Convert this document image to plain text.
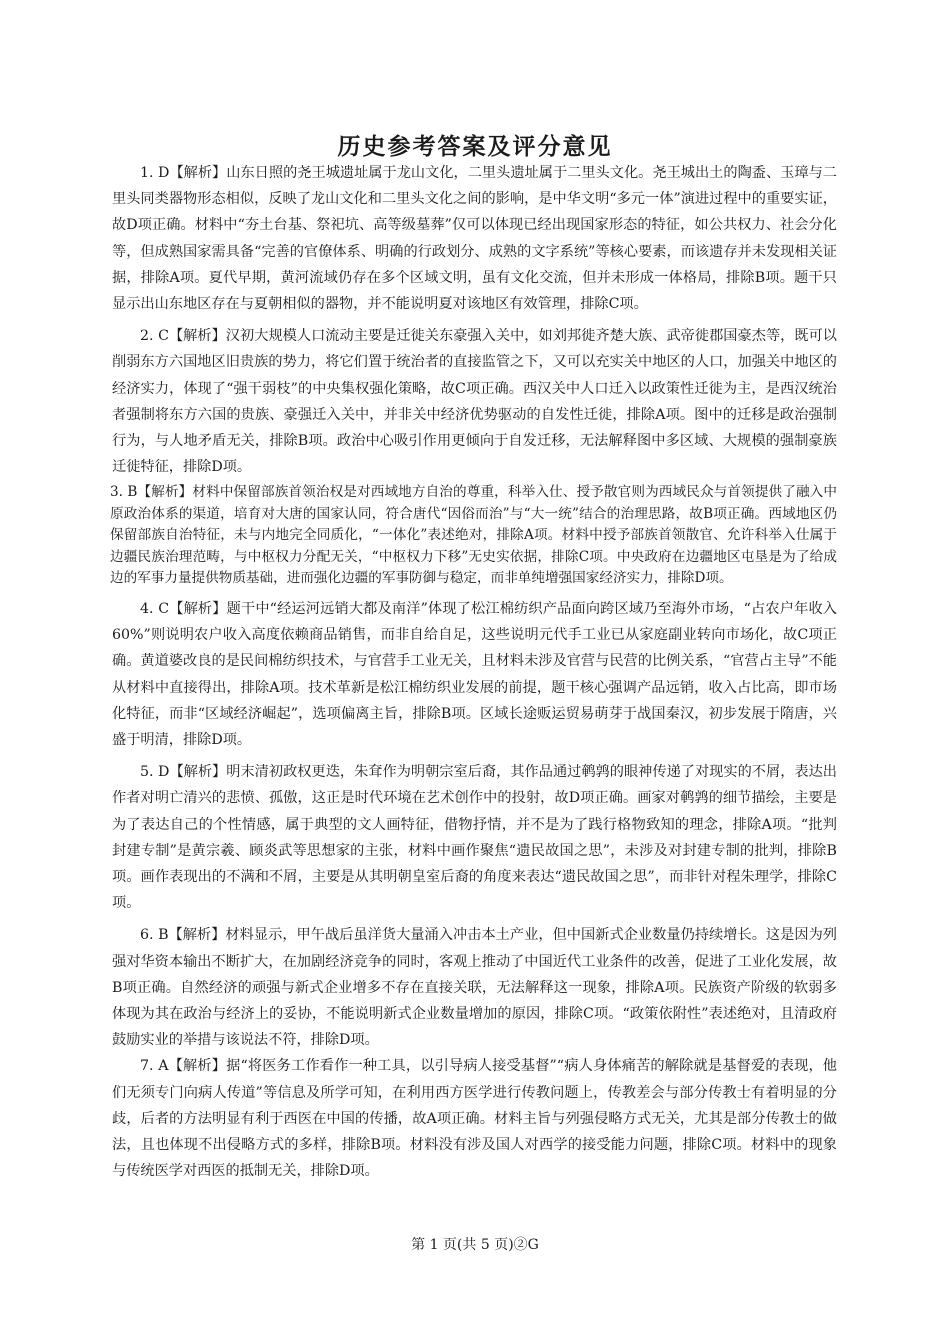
历史参考答案及评分意见

1. D【解析】山东日照的尧王城遗址属于龙山文化，二里头遗址属于二里头文化。尧王城出土的陶盉、玉璋与二里头同类器物形态相似，反映了龙山文化和二里头文化之间的影响，是中华文明“多元一体”演进过程中的重要实证，故D项正确。材料中“夯土台基、祭祀坑、高等级墓葬”仅可以体现已经出现国家形态的特征，如公共权力、社会分化等，但成熟国家需具备“完善的官僚体系、明确的行政划分、成熟的文字系统”等核心要素，而该遗存并未发现相关证据，排除A项。夏代早期，黄河流域仍存在多个区域文明，虽有文化交流，但并未形成一体格局，排除B项。题干只显示出山东地区存在与夏朝相似的器物，并不能说明夏对该地区有效管理，排除C项。

2. C【解析】汉初大规模人口流动主要是迁徙关东豪强入关中，如刘邦徙齐楚大族、武帝徙郡国豪杰等，既可以削弱东方六国地区旧贵族的势力，将它们置于统治者的直接监管之下，又可以充实关中地区的人口，加强关中地区的经济实力，体现了“强干弱枝”的中央集权强化策略，故C项正确。西汉关中人口迁入以政策性迁徙为主，是西汉统治者强制将东方六国的贵族、豪强迁入关中，并非关中经济优势驱动的自发性迁徙，排除A项。图中的迁移是政治强制行为，与人地矛盾无关，排除B项。政治中心吸引作用更倾向于自发迁移，无法解释图中多区域、大规模的强制豪族迁徙特征，排除D项。

3. B【解析】材料中保留部族首领治权是对西域地方自治的尊重，科举入仕、授予散官则为西域民众与首领提供了融入中原政治体系的渠道，培育对大唐的国家认同，符合唐代“因俗而治”与“大一统”结合的治理思路，故B项正确。西域地区仍保留部族自治特征，未与内地完全同质化，“一体化”表述绝对，排除A项。材料中授予部族首领散官、允许科举入仕属于边疆民族治理范畴，与中枢权力分配无关，“中枢权力下移”无史实依据，排除C项。中央政府在边疆地区屯垦是为了给成边的军事力量提供物质基础，进而强化边疆的军事防御与稳定，而非单纯增强国家经济实力，排除D项。

4. C【解析】题干中“经运河远销大都及南洋”体现了松江棉纺织产品面向跨区域乃至海外市场，“占农户年收入60%”则说明农户收入高度依赖商品销售，而非自给自足，这些说明元代手工业已从家庭副业转向市场化，故C项正确。黄道婆改良的是民间棉纺织技术，与官营手工业无关，且材料未涉及官营与民营的比例关系，“官营占主导”不能从材料中直接得出，排除A项。技术革新是松江棉纺织业发展的前提，题干核心强调产品远销，收入占比高，即市场化特征，而非“区域经济崛起”，选项偏离主旨，排除B项。区域长途贩运贸易萌芽于战国秦汉，初步发展于隋唐，兴盛于明清，排除D项。

5. D【解析】明末清初政权更迭，朱耷作为明朝宗室后裔，其作品通过鹌鹑的眼神传递了对现实的不屑，表达出作者对明亡清兴的悲愤、孤傲，这正是时代环境在艺术创作中的投射，故D项正确。画家对鹌鹑的细节描绘，主要是为了表达自己的个性情感，属于典型的文人画特征，借物抒情，并不是为了践行格物致知的理念，排除A项。“批判封建专制”是黄宗羲、顾炎武等思想家的主张，材料中画作聚焦“遗民故国之思”，未涉及对封建专制的批判，排除B项。画作表现出的不满和不屑，主要是从其明朝皇室后裔的角度来表达“遗民故国之思”，而非针对程朱理学，排除C项。

6. B【解析】材料显示，甲午战后虽洋货大量涌入冲击本土产业，但中国新式企业数量仍持续增长。这是因为列强对华资本输出不断扩大，在加剧经济竞争的同时，客观上推动了中国近代工业条件的改善，促进了工业化发展，故B项正确。自然经济的顽强与新式企业增多不存在直接关联，无法解释这一现象，排除A项。民族资产阶级的软弱多体现为其在政治与经济上的妥协，不能说明新式企业数量增加的原因，排除C项。“政策依附性”表述绝对，且清政府鼓励实业的举措与该说法不符，排除D项。

7. A【解析】据“将医务工作看作一种工具，以引导病人接受基督”“病人身体痛苦的解除就是基督爱的表现，他们无须专门向病人传道”等信息及所学可知，在利用西方医学进行传教问题上，传教差会与部分传教士有着明显的分歧，后者的方法明显有利于西医在中国的传播，故A项正确。材料主旨与列强侵略方式无关，尤其是部分传教士的做法，且也体现不出侵略方式的多样，排除B项。材料没有涉及国人对西学的接受能力问题，排除C项。材料中的现象与传统医学对西医的抵制无关，排除D项。

第 1 页(共 5 页)②G
